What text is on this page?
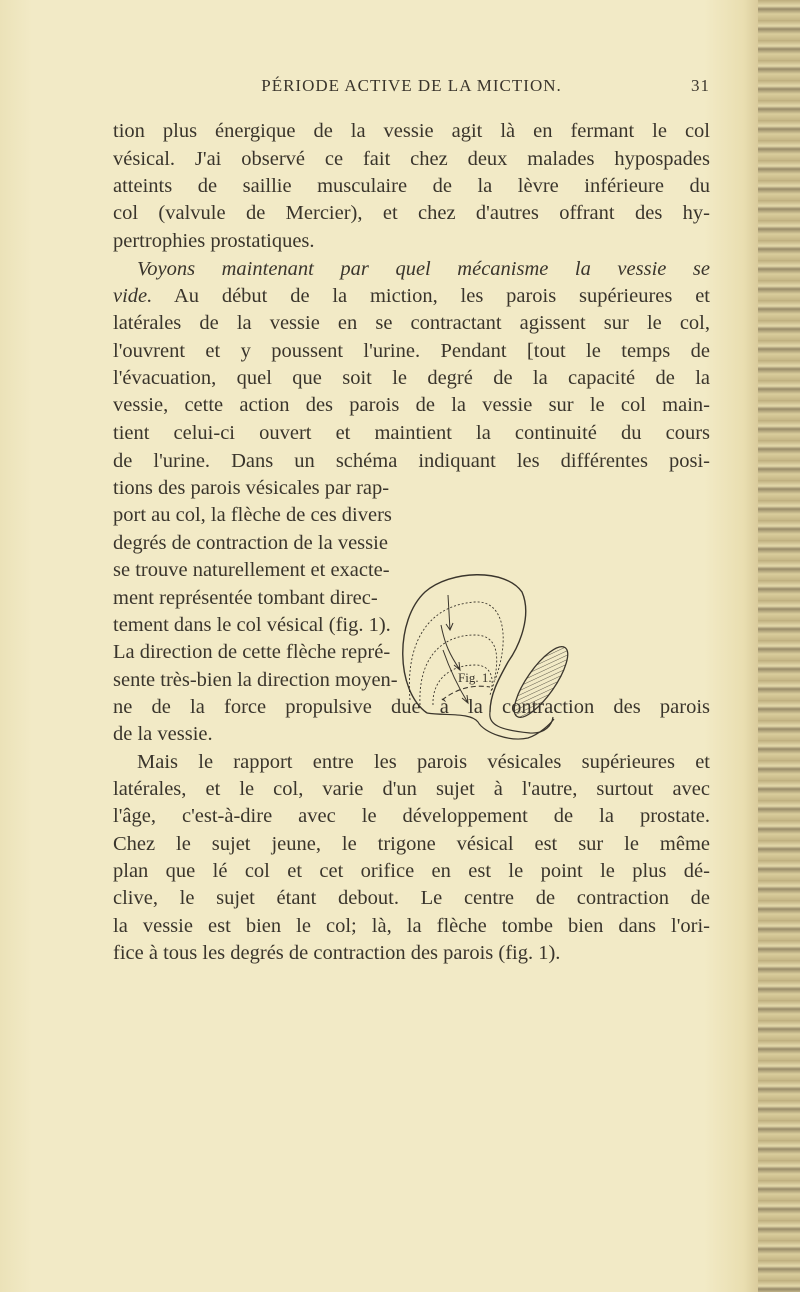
PÉRIODE ACTIVE DE LA MICTION.	31
tion plus énergique de la vessie agit là en fermant le col
vésical. J'ai observé ce fait chez deux malades hypospades
atteints de saillie musculaire de la lèvre inférieure du
col (valvule de Mercier), et chez d'autres offrant des hy-
pertrophies prostatiques.
Voyons maintenant par quel mécanisme la vessie se
vide. Au début de la miction, les parois supérieures et
latérales de la vessie en se contractant agissent sur le col,
l'ouvrent et y poussent l'urine. Pendant [tout le temps de
l'évacuation, quel que soit le degré de la capacité de la
vessie, cette action des parois de la vessie sur le col main-
tient celui-ci ouvert et maintient la continuité du cours
de l'urine. Dans un schéma indiquant les différentes posi-
tions des parois vésicales par rap-
port au col, la flèche de ces divers
degrés de contraction de la vessie
se trouve naturellement et exacte-
ment représentée tombant direc-
tement dans le col vésical (fig. 1).
La direction de cette flèche repré-
sente très-bien la direction moyen-
ne de la force propulsive due à la contraction des parois
de la vessie.
Mais le rapport entre les parois vésicales supérieures et
latérales, et le col, varie d'un sujet à l'autre, surtout avec
l'âge, c'est-à-dire avec le développement de la prostate.
Chez le sujet jeune, le trigone vésical est sur le même
plan que lé col et cet orifice en est le point le plus dé-
clive, le sujet étant debout. Le centre de contraction de
la vessie est bien le col; là, la flèche tombe bien dans l'ori-
fice à tous les degrés de contraction des parois (fig. 1).
Fig. 1.
